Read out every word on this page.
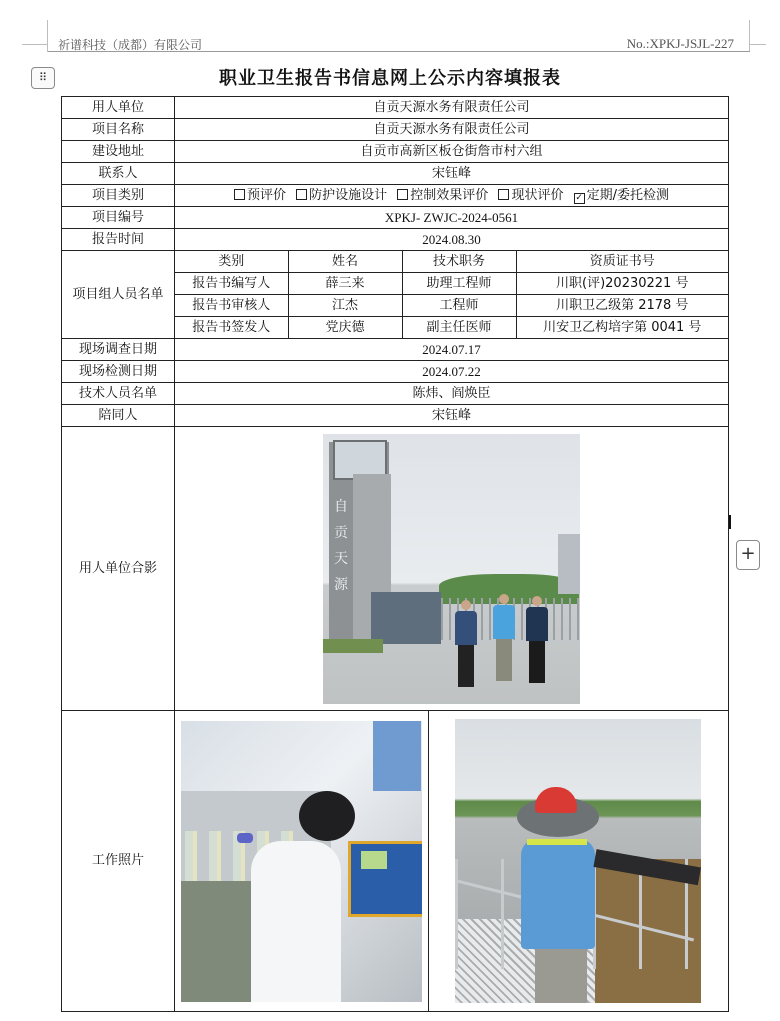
祈谱科技（成都）有限公司	No.:XPKJ-JSJL-227
⠿
+
职业卫生报告书信息网上公示内容填报表
用人单位	自贡天源水务有限责任公司
项目名称	自贡天源水务有限责任公司
建设地址	自贡市高新区板仓街詹市村六组
联系人	宋钰峰
项目类别	预评价 防护设施设计 控制效果评价 现状评价 ✓ 定期/委托检测
项目编号	XPKJ- ZWJC-2024-0561
报告时间	2024.08.30
项目组人员名单	
类别	姓名	技术职务	资质证书号
报告书编写人	薛三来	助理工程师	川职(评)20230221 号
报告书审核人	江杰	工程师	川职卫乙级第 2178 号
报告书签发人	党庆德	副主任医师	川安卫乙构培字第 0041 号

现场调查日期	2024.07.17
现场检测日期	2024.07.22
技术人员名单	陈炜、阎焕臣
陪同人	宋钰峰
用人单位合影	
自贡天源

工作照片	
